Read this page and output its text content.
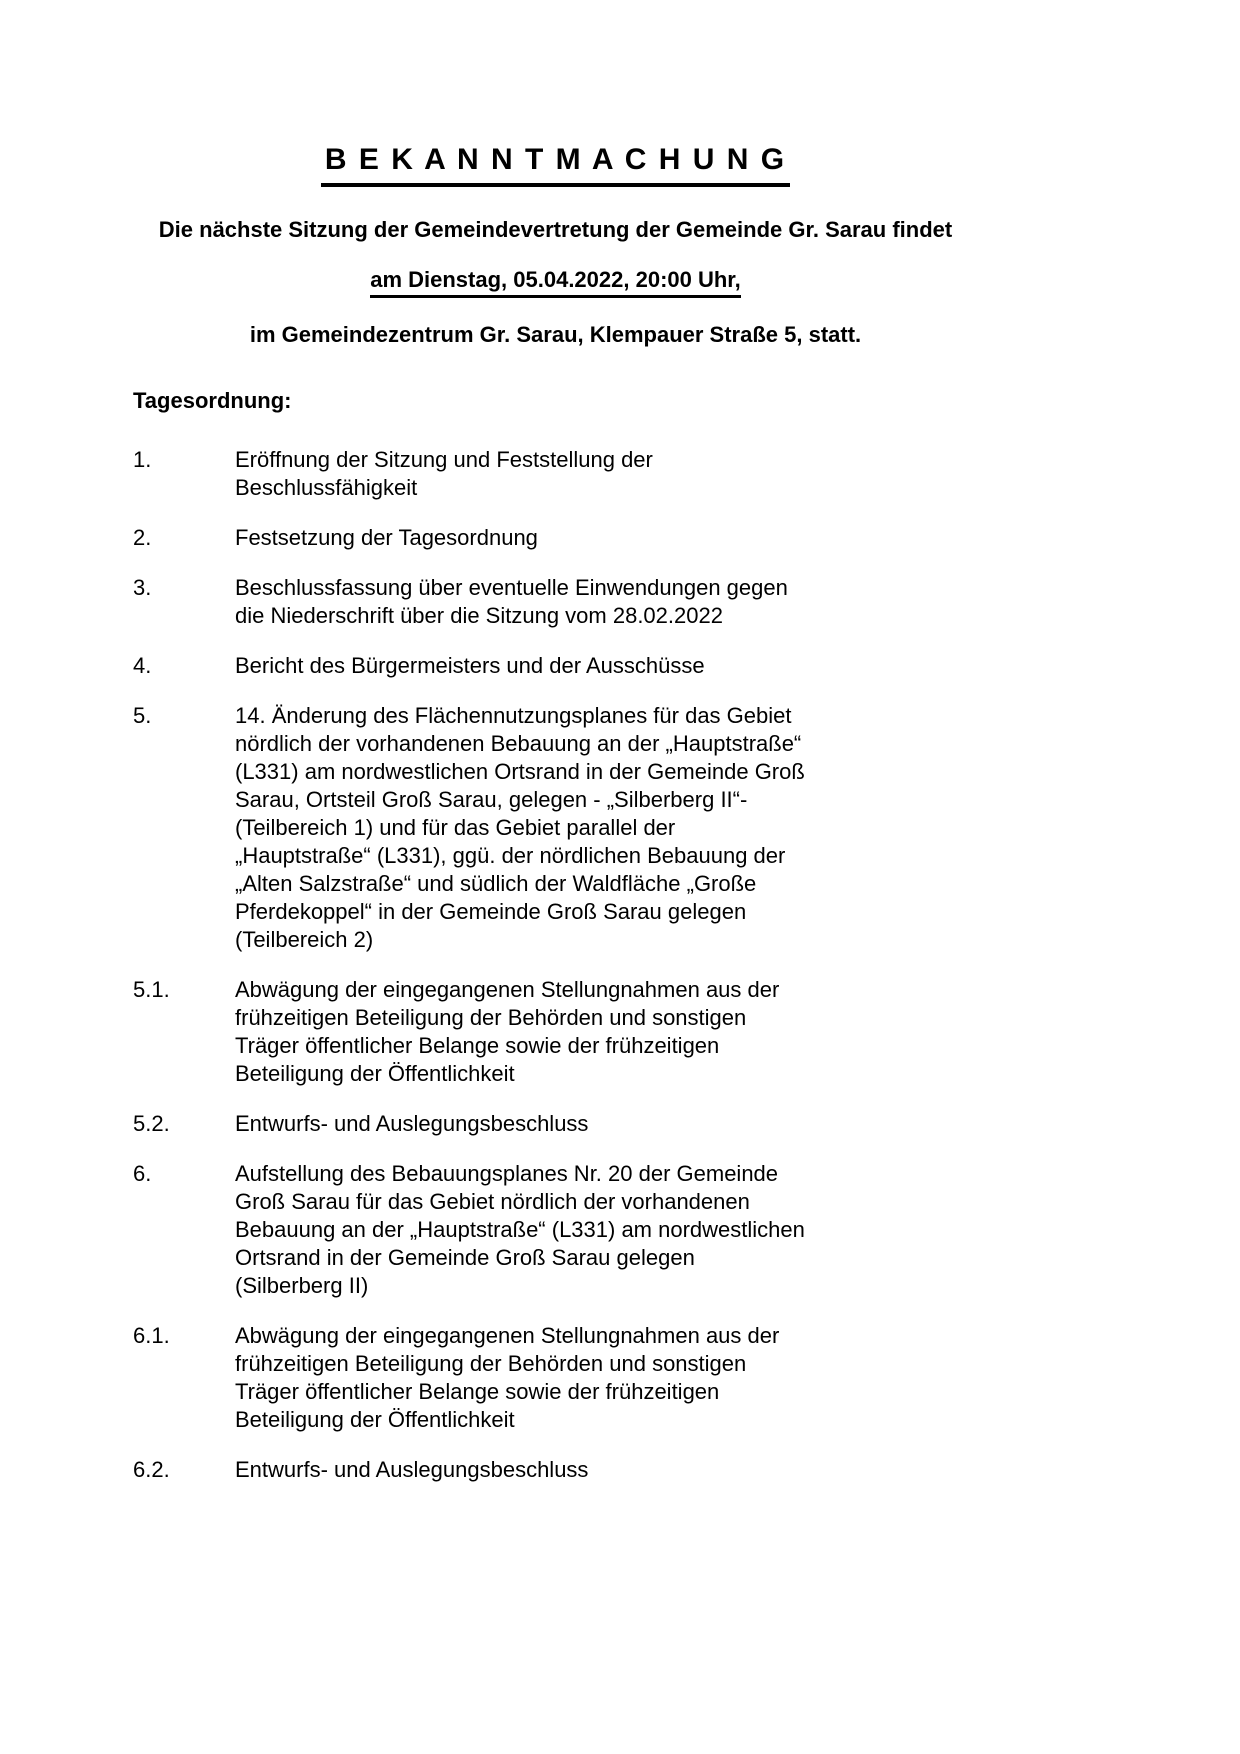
B E K A N N T M A C H U N G

Die nächste Sitzung der Gemeindevertretung der Gemeinde Gr. Sarau findet

am Dienstag, 05.04.2022, 20:00 Uhr,

im Gemeindezentrum Gr. Sarau, Klempauer Straße 5, statt.

Tagesordnung:
1.	Eröffnung der Sitzung und Feststellung der
Beschlussfähigkeit
2.	Festsetzung der Tagesordnung
3.	Beschlussfassung über eventuelle Einwendungen gegen
die Niederschrift über die Sitzung vom 28.02.2022
4.	Bericht des Bürgermeisters und der Ausschüsse
5.	14. Änderung des Flächennutzungsplanes für das Gebiet
nördlich der vorhandenen Bebauung an der „Hauptstraße“
(L331) am nordwestlichen Ortsrand in der Gemeinde Groß
Sarau, Ortsteil Groß Sarau, gelegen - „Silberberg II“-
(Teilbereich 1) und für das Gebiet parallel der
„Hauptstraße“ (L331), ggü. der nördlichen Bebauung der
„Alten Salzstraße“ und südlich der Waldfläche „Große
Pferdekoppel“ in der Gemeinde Groß Sarau gelegen
(Teilbereich 2)
5.1.	Abwägung der eingegangenen Stellungnahmen aus der
frühzeitigen Beteiligung der Behörden und sonstigen
Träger öffentlicher Belange sowie der frühzeitigen
Beteiligung der Öffentlichkeit
5.2.	Entwurfs- und Auslegungsbeschluss
6.	Aufstellung des Bebauungsplanes Nr. 20 der Gemeinde
Groß Sarau für das Gebiet nördlich der vorhandenen
Bebauung an der „Hauptstraße“ (L331) am nordwestlichen
Ortsrand in der Gemeinde Groß Sarau gelegen
(Silberberg II)
6.1.	Abwägung der eingegangenen Stellungnahmen aus der
frühzeitigen Beteiligung der Behörden und sonstigen
Träger öffentlicher Belange sowie der frühzeitigen
Beteiligung der Öffentlichkeit
6.2.	Entwurfs- und Auslegungsbeschluss
